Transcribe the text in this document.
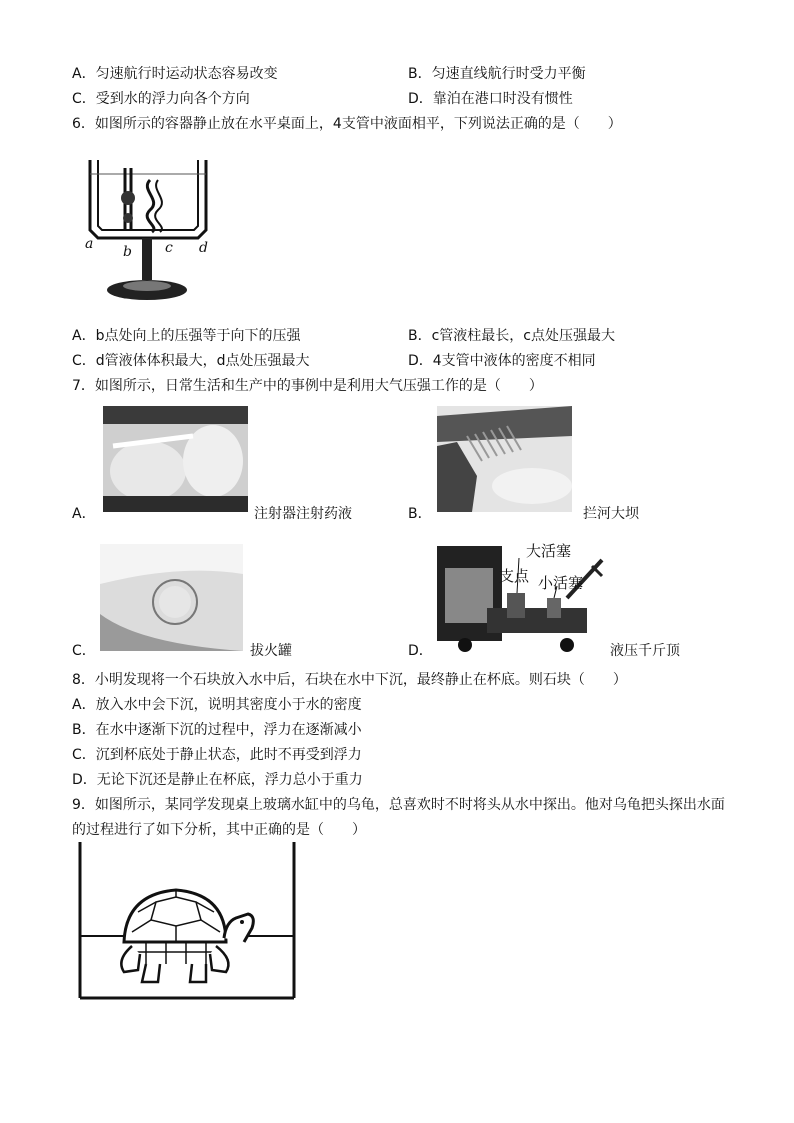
A．匀速航行时运动状态容易改变	B．匀速直线航行时受力平衡
C．受到水的浮力向各个方向	D．靠泊在港口时没有惯性
6．如图所示的容器静止放在水平桌面上，4支管中液面相平，下列说法正确的是（　　）
a b c d
A．b点处向上的压强等于向下的压强	B．c管液柱最长，c点处压强最大
C．d管液体体积最大，d点处压强最大	D．4支管中液体的密度不相同
7．如图所示，日常生活和生产中的事例中是利用大气压强工作的是（　　）
A．	注射器注射药液	B．	拦河大坝
C．	拔火罐	D．
大活塞
支点 小活塞
液压千斤顶
8．小明发现将一个石块放入水中后，石块在水中下沉，最终静止在杯底。则石块（　　）
A．放入水中会下沉，说明其密度小于水的密度
B．在水中逐渐下沉的过程中，浮力在逐渐减小
C．沉到杯底处于静止状态，此时不再受到浮力
D．无论下沉还是静止在杯底，浮力总小于重力
9．如图所示，某同学发现桌上玻璃水缸中的乌龟，总喜欢时不时将头从水中探出。他对乌龟把头探出水面
的过程进行了如下分析，其中正确的是（　　）
